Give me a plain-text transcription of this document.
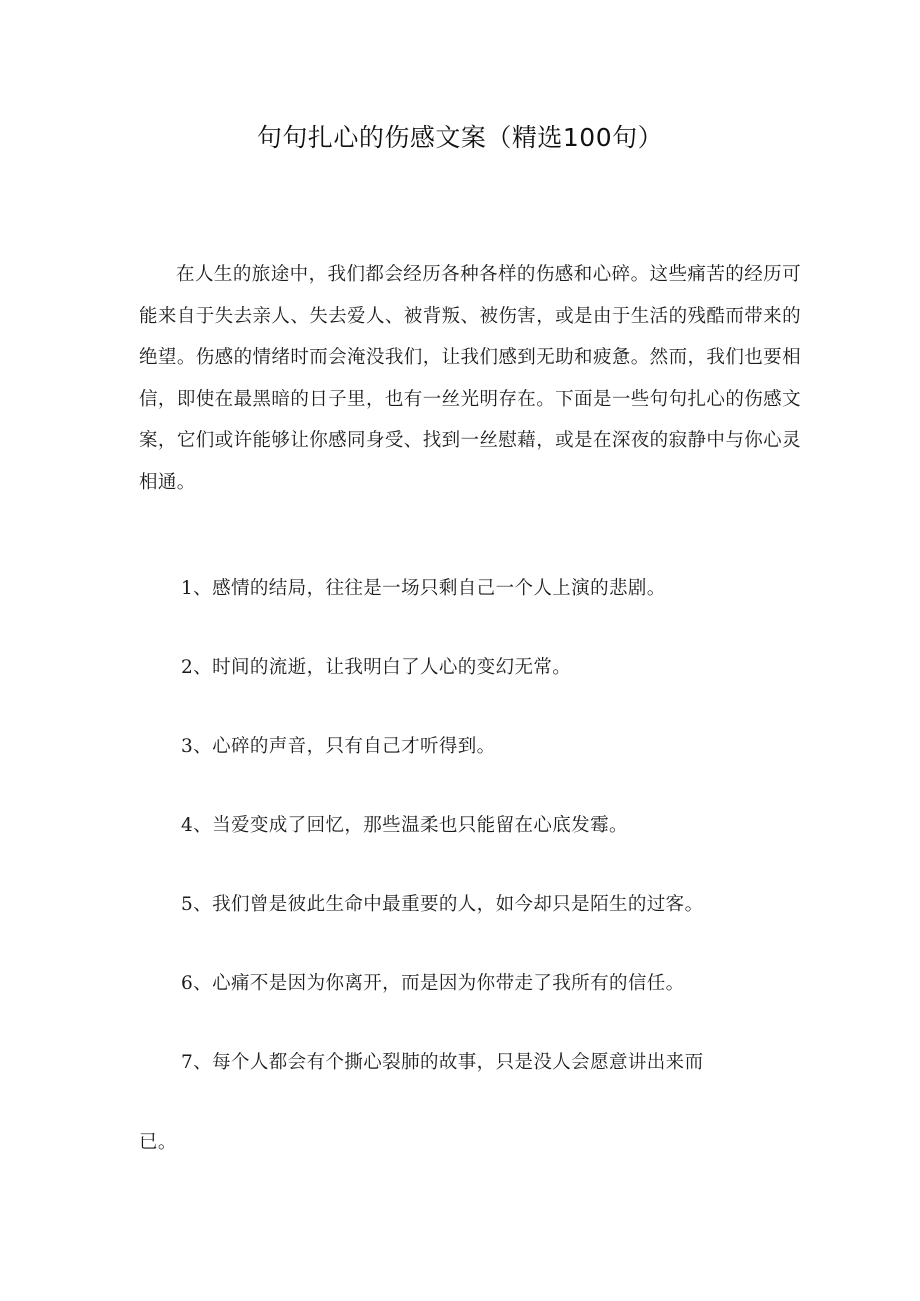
句句扎心的伤感文案（精选100句）

在人生的旅途中，我们都会经历各种各样的伤感和心碎。这些痛苦的经历可能来自于失去亲人、失去爱人、被背叛、被伤害，或是由于生活的残酷而带来的绝望。伤感的情绪时而会淹没我们，让我们感到无助和疲惫。然而，我们也要相信，即使在最黑暗的日子里，也有一丝光明存在。下面是一些句句扎心的伤感文案，它们或许能够让你感同身受、找到一丝慰藉，或是在深夜的寂静中与你心灵相通。

1、感情的结局，往往是一场只剩自己一个人上演的悲剧。

2、时间的流逝，让我明白了人心的变幻无常。

3、心碎的声音，只有自己才听得到。

4、当爱变成了回忆，那些温柔也只能留在心底发霉。

5、我们曾是彼此生命中最重要的人，如今却只是陌生的过客。

6、心痛不是因为你离开，而是因为你带走了我所有的信任。

7、每个人都会有个撕心裂肺的故事，只是没人会愿意讲出来而已。
